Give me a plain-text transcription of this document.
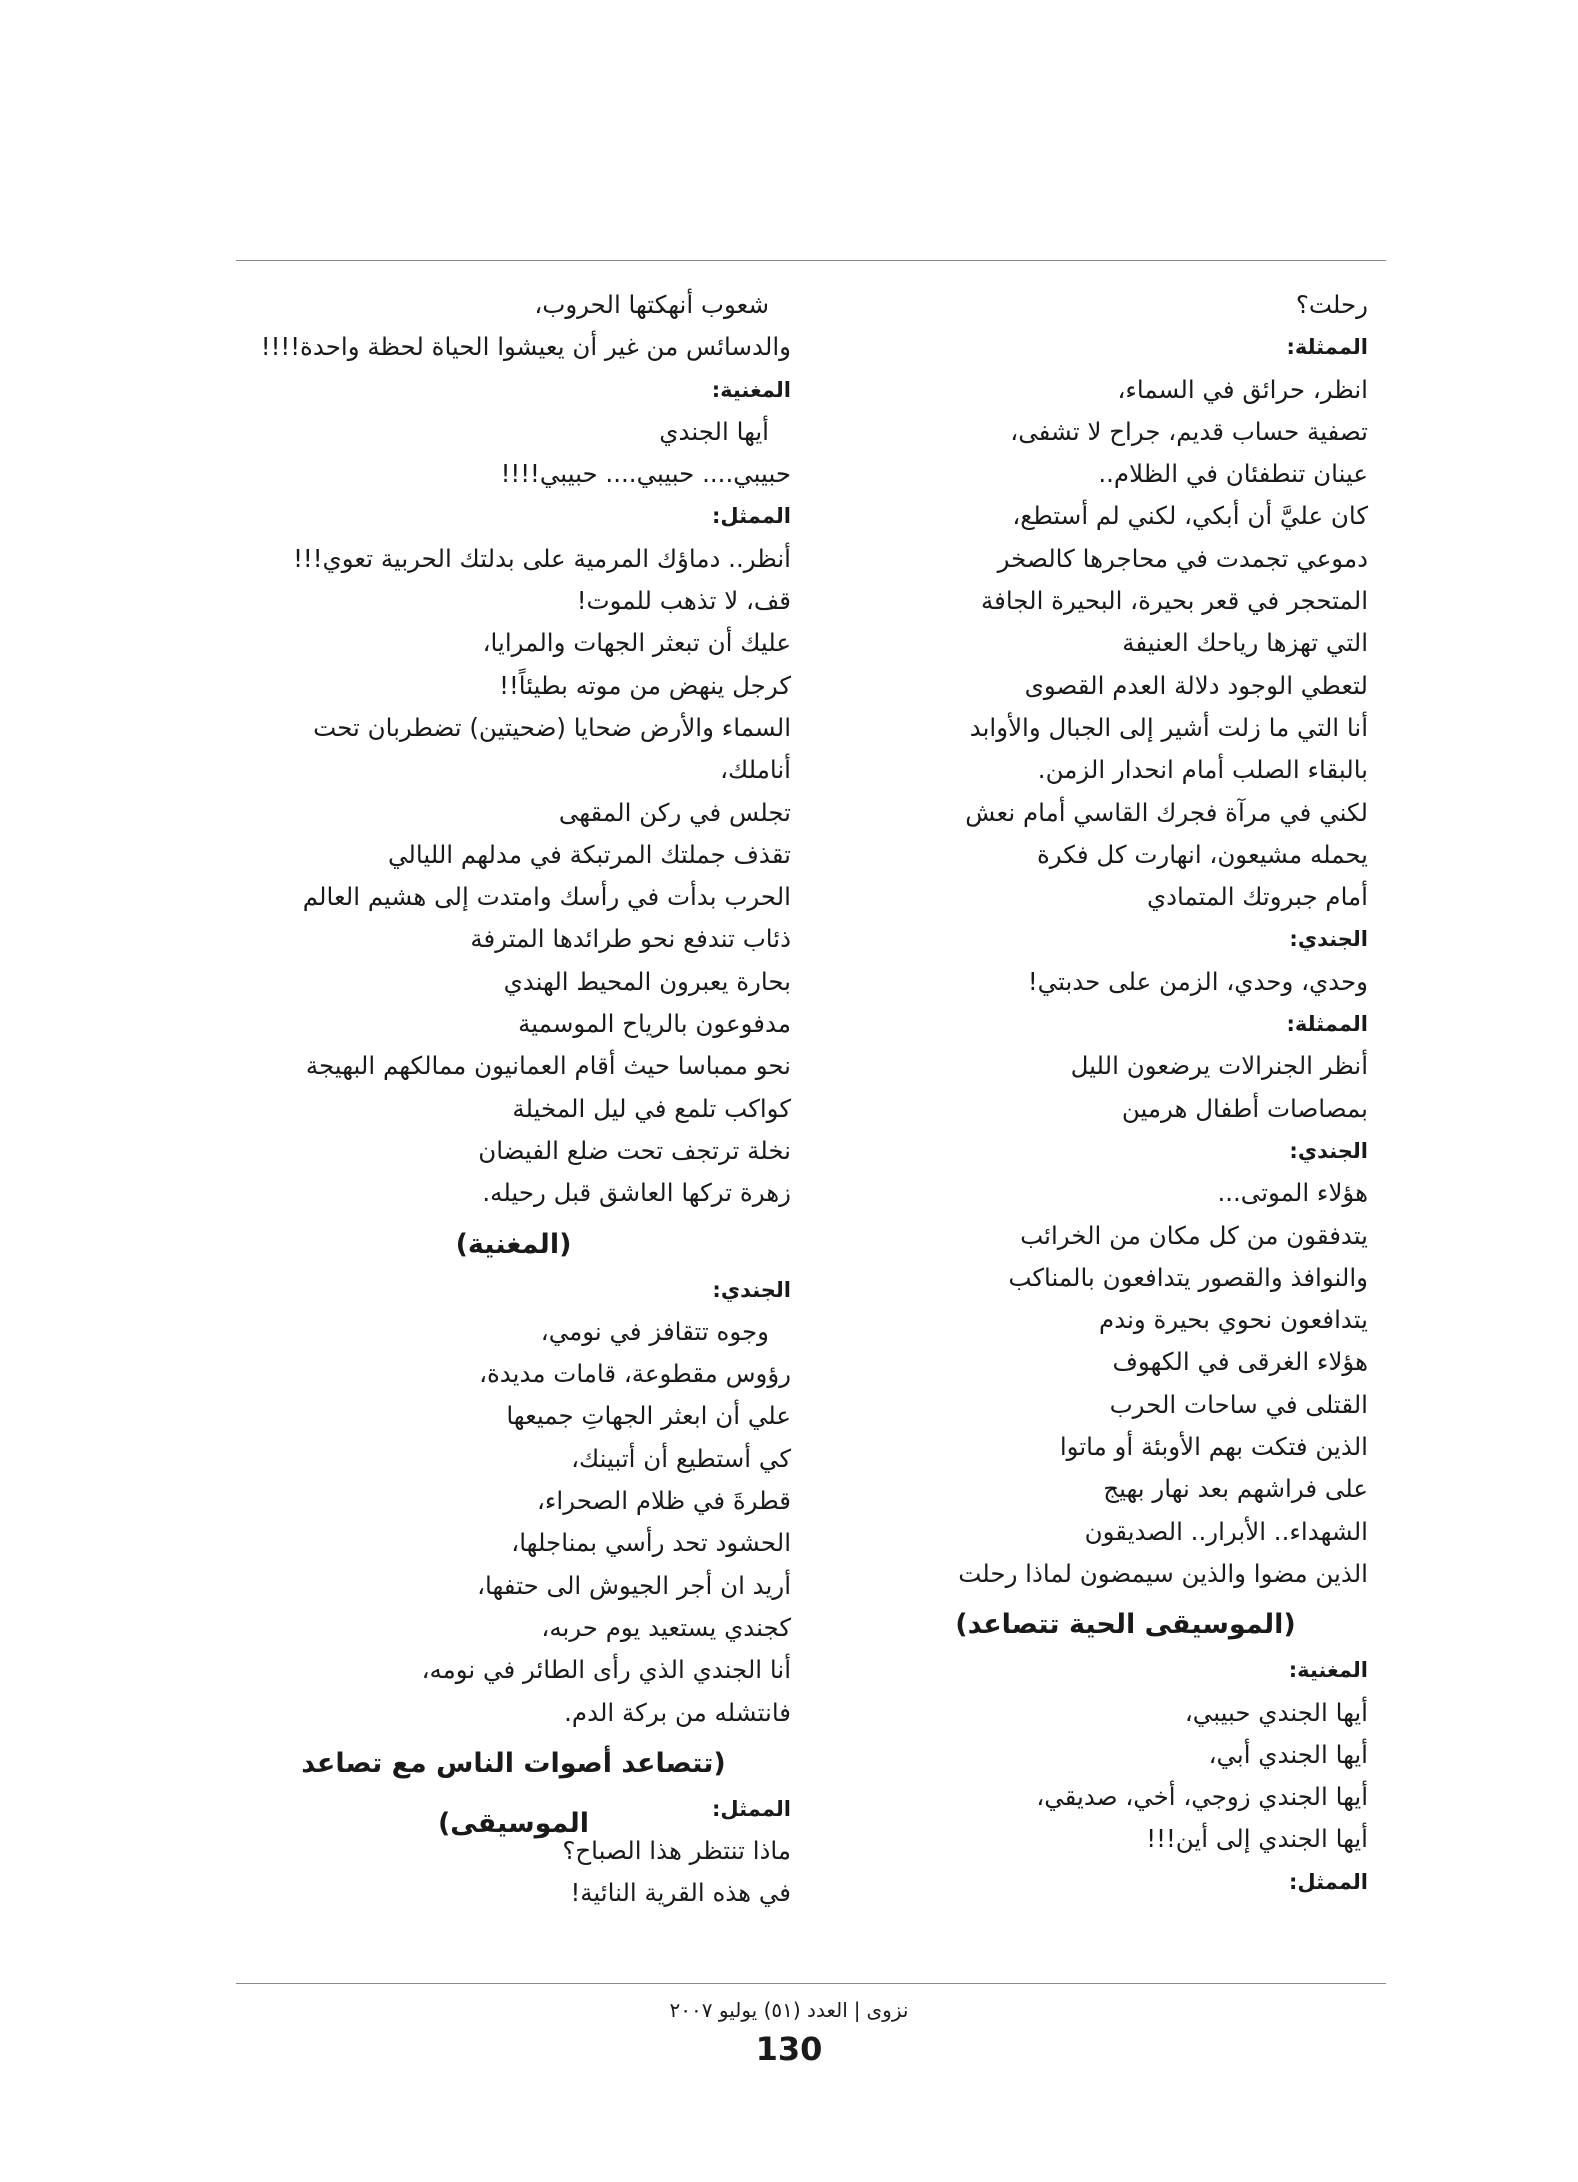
رحلت؟
الممثلة:
انظر، حرائق في السماء،
تصفية حساب قديم، جراح لا تشفى،
عينان تنطفئان في الظلام..
كان عليَّ أن أبكي، لكني لم أستطع،
دموعي تجمدت في محاجرها كالصخر
المتحجر في قعر بحيرة، البحيرة الجافة
التي تهزها رياحك العنيفة
لتعطي الوجود دلالة العدم القصوى
أنا التي ما زلت أشير إلى الجبال والأوابد
بالبقاء الصلب أمام انحدار الزمن.
لكني في مرآة فجرك القاسي أمام نعش
يحمله مشيعون، انهارت كل فكرة
أمام جبروتك المتمادي
الجندي:
وحدي، وحدي، الزمن على حدبتي!
الممثلة:
أنظر الجنرالات يرضعون الليل
بمصاصات أطفال هرمين
الجندي:
هؤلاء الموتى...
يتدفقون من كل مكان من الخرائب
والنوافذ والقصور يتدافعون بالمناكب
يتدافعون نحوي بحيرة وندم
هؤلاء الغرقى في الكهوف
القتلى في ساحات الحرب
الذين فتكت بهم الأوبئة أو ماتوا
على فراشهم بعد نهار بهيج
الشهداء.. الأبرار.. الصديقون
الذين مضوا والذين سيمضون لماذا رحلت
(الموسيقى الحية تتصاعد)
المغنية:
أيها الجندي حبيبي،
أيها الجندي أبي،
أيها الجندي زوجي، أخي، صديقي،
أيها الجندي إلى أين!!!
الممثل:
شعوب أنهكتها الحروب،
والدسائس من غير أن يعيشوا الحياة لحظة واحدة!!!!
المغنية:
أيها الجندي
حبيبي.... حبيبي.... حبيبي!!!!
الممثل:
أنظر.. دماؤك المرمية على بدلتك الحربية تعوي!!!
قف، لا تذهب للموت!
عليك أن تبعثر الجهات والمرايا،
كرجل ينهض من موته بطيئاً!!
السماء والأرض ضحايا (ضحيتين) تضطربان تحت
أناملك،
تجلس في ركن المقهى
تقذف جملتك المرتبكة في مدلهم الليالي
الحرب بدأت في رأسك وامتدت إلى هشيم العالم
ذئاب تندفع نحو طرائدها المترفة
بحارة يعبرون المحيط الهندي
مدفوعون بالرياح الموسمية
نحو ممباسا حيث أقام العمانيون ممالكهم البهيجة
كواكب تلمع في ليل المخيلة
نخلة ترتجف تحت ضلع الفيضان
زهرة تركها العاشق قبل رحيله.
(المغنية)
الجندي:
وجوه تتقافز في نومي،
رؤوس مقطوعة، قامات مديدة،
علي أن ابعثر الجهاتِ جميعها
كي أستطيع أن أتبينك،
قطرةَ في ظلام الصحراء،
الحشود تحد رأسي بمناجلها،
أريد ان أجر الجيوش الى حتفها،
كجندي يستعيد يوم حربه،
أنا الجندي الذي رأى الطائر في نومه،
فانتشله من بركة الدم.
(تتصاعد أصوات الناس مع تصاعد الموسيقى)	الممثل:
ماذا تنتظر هذا الصباح؟
في هذه القرية النائية!
نزوى|العدد (٥١) يوليو ٢٠٠٧
130
